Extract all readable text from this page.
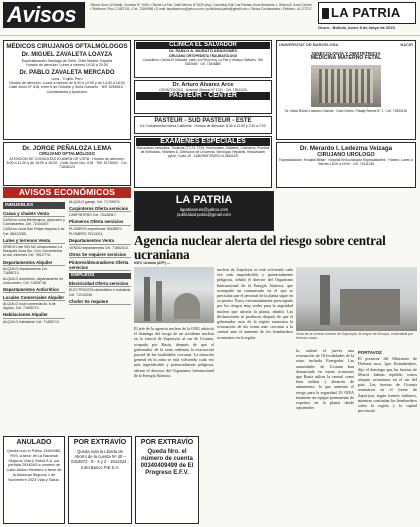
Avisos	Oficina Oruro (Central): Corrales N° 1063 • Oficina La Paz: Calle Mexico N°1633 (esq. Colombia) Edif. Las Palmas Lima Mezanina 1. Oficina 8. Zona Central • Teléfonos: Piso 2 2487131 • Cel: 71569996 • E-mail: lapatriaoruro@yahoo.com • publicidad.patria@gmail.com • Oficina Cochabamba • Teléfono: 44 373717 LA PATRIA
Oruro - Bolivia, lunes 8 de mayo de 2023
MÉDICOS CIRUJANOS OFTALMÓLOGOS
Dr. MIGUEL ZAVALETA LOAYZA
Especialización Santiago de Chile, Chile Madrid, España
Horario de atención: Lunes a viernes 14:30 a 20:00
Dr. PABLO ZAVALETA MERCADO
Lima - Trujillo, Perú
Horario de atención: Lunes a viernes de 8:30 a 12:00 y de 14:30 a 18:00
Calle Junín N° 618, entre 6 de Octubre y Soria Galvarro · Telf. 5255515 · Cochabamba y Ayacucho
Dr. JORGE PEÑALOZA LEMA
CIRUJANO OFTALMÓLOGO
ATENCIÓN DE CONSULTAS EXAMEN DE VISTA · Horario de atención: 8:00 a 11:30 y de 15:00 a 18:00 · Calle Junín Nro. 618 · Telf. 5276000 · Cel. 71848123
AVISOS ECONÓMICOS
INMUEBLES
Casas y chalets Venta
CASA en zona Weidmapos, Ayacucho y Cochabamba, Cel. 72444407.
CASA en zona San Felipe esquina 4 av. Cel. 68412285.
Lotes y terrenos Venta
VENDO Lote 900 M2 Urbanización La Ranquita Zona Sur, Con. Documentos al día, Informes Cel. 70517711.
Departamentos Alquiler
ALQUILO departamento Cel. 71655713.
ALQUILO dormitorio, departamento en zona centro, Cel. 71525718.
Departamentos Anticrético
Locales Comerciales Alquiler
ALQUILO local comercial Av. 6 de Agosto, Cel. 71655713.
Habitaciones Alquiler
ALQUILO habitación Cel. 71455713.
ALQUILO garaje, Cel. 71709074.
Carpinteros Oferta servicios
CARPINTERO Cel. 70445317.
Plomeros Oferta servicios
PLOMERO experiencia 76438571
PLOMERO 75113211
Departamentos Venta
VENDO departamento Cel. 71852413.
Otros Se requiere servicios
Pintores/decoradores Oferta servicios
EMPLEOS
Electricidad Oferta servicios
ELECTRICISTA domiciliario e industrial, Cel. 71216345.
Chofer Se requiere
ANULADO
Queda nulo el Pólizo 12659480, RVS, a favor de La Nacional Seguros Vida y Salud S.A. por pérdida 29340AS a nombre de Justo Abdon Medrano a favor de la Nacional Seguros 1 de Noviembre 2023 Vida y Salud.
POR EXTRAVÍO
Queda nula la Libreta de Ahorro de la cuenta Nº 40 – 0416072 - 9 - 4 y 2 - 1641434 - 3 del Banco FIE S.A.
POR EXTRAVÍO
Queda Nro. el número de cuenta 00340409499 de El Progreso E.F.V.
CLINICA EL SALVADOR
Dr. PABLO A. MORATÓ ARAGONÉS
CIRUJANO ORTOPEDISTA TRAUMATÓLOGO
Consultorio: Clínica El Salvador, calle Los Pinos esq. La Paz y Velasco Galvarro. Telf. 5262666 · Cel. 71846880
Dr. Arturo Alvarez Arce
ODONTÓLOGO · Avenida Villaroel N° 1011 · Cel. 73541115
PASTEUR - CENTER
PASTEUR - SUD PASTEUR - ESTE
Ex Cochabamba Nueva California · Horario de Atención: 8:30 a 12:00 y 2:30 a 7:00
EXAMENES ESPECIALES
Marcadores tumorales, Tiroideas (T3-T4-TSH), Hormonales, Diabetes, Colesterol, Pruebas de Embarazo, Vitamina D, Detección de Leucemia, Serología, Hepatitis, Helicobacter pylori, Covid-19 · LABORATORIOS GLOBALES
UNIVERSITAT DE BARCELONA	NACIR
GINECOLOGÍA Y OBSTETRICIA
MEDICINA MATERNO FETAL
Dr. Mario Rubén Lizarazu Ovando · Gran Centro, Pasaje Ramos N° 1 · Cel. 71893118
Dr. Merardo I. Ledezma Veizaga
CIRUJANO UROLOGO
Especialización: Hospital Militar · Hospital Endourológico Especialidades · Horario: Lunes a Viernes 15:00 a 19:00 · Cel. 72411245
LA PATRIA
lapatriaoruro@yahoo.com
publicidad.patria@gmail.com
Agencia nuclear alerta del riesgo sobre central ucraniana
KIEV, Ucrania (AFP) —
El jefe de la agencia nuclear de la ONU advirtió el domingo del riesgo de un accidente nuclear en la central de Zaporiyia, al sur de Ucrania, ocupada por Rusia, después de que el gobernador de la zona ordenara la evacuación parcial de las localidades cercanas. La situación general en la zona se está volviendo cada vez más impredecible y potencialmente peligrosa, afirmó el director del Organismo Internacional de la Energía Atómica.
nuclear de Zaporiyia se está volviendo cada vez más impredecible y potencialmente peligrosa, señaló el director del Organismo Internacional de la Energía Atómica, que acompañó un comunicado en el que se precisaba que el personal de la planta sigue en su puesto. Estoy extremadamente preocupado por los riesgos muy reales para la seguridad nuclear que afronta la planta, añadió. Las declaraciones se producen después de que el gobernador ruso de la región anunciara la evacuación de las zonas más cercanas a la central ante el aumento de los bombardeos ucranianos en la región.
Vista de la central nuclear de Zaporiyia, la mayor de Europa, controlada por fuerzas rusas.
la, ordenó el jueves una evacuación de 18 localidades de la zona, incluida Energodar. Las autoridades de Ucrania han denunciado en varias ocasiones que Rusia utiliza la central como base militar y almacén de armamento, lo que aumenta el riesgo para la seguridad. El OIEA mantiene un equipo permanente de expertos en la planta desde septiembre.
PORTAVOZ
El portavoz del Ministerio de Defensa ruso, Igor Konashenkov, dijo el domingo que las fuerzas de Moscú habían repelido varios ataques ucranianos en el sur del país. Las fuerzas de Ucrania avanzaron en el frente de Zaporiyia, según fuentes militares, mientras continúan los bombardeos sobre la región y la capital provincial.
